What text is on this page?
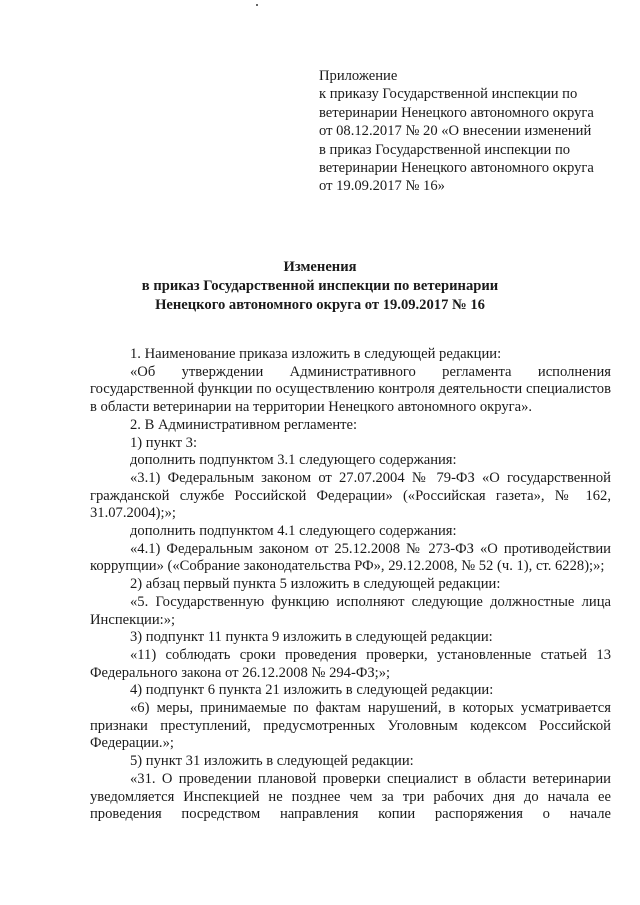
Приложение
к приказу Государственной инспекции по
ветеринарии Ненецкого автономного округа
от 08.12.2017 № 20 «О внесении изменений
в приказ Государственной инспекции по
ветеринарии Ненецкого автономного округа
от 19.09.2017 № 16»
Изменения
в приказ Государственной инспекции по ветеринарии
Ненецкого автономного округа от 19.09.2017 № 16

1. Наименование приказа изложить в следующей редакции:

«Об утверждении Административного регламента исполнения государственной функции по осуществлению контроля деятельности специалистов в области ветеринарии на территории Ненецкого автономного округа».

2. В Административном регламенте:

1) пункт 3:

дополнить подпунктом 3.1 следующего содержания:

«3.1) Федеральным законом от 27.07.2004 № 79-ФЗ «О государственной гражданской службе Российской Федерации» («Российская газета», № 162, 31.07.2004);»;

дополнить подпунктом 4.1 следующего содержания:

«4.1) Федеральным законом от 25.12.2008 № 273-ФЗ «О противодействии коррупции» («Собрание законодательства РФ», 29.12.2008, № 52 (ч. 1), ст. 6228);»;

2) абзац первый пункта 5 изложить в следующей редакции:

«5. Государственную функцию исполняют следующие должностные лица Инспекции:»;

3) подпункт 11 пункта 9 изложить в следующей редакции:

«11) соблюдать сроки проведения проверки, установленные статьей 13 Федерального закона от 26.12.2008 № 294-ФЗ;»;

4) подпункт 6 пункта 21 изложить в следующей редакции:

«6) меры, принимаемые по фактам нарушений, в которых усматривается признаки преступлений, предусмотренных Уголовным кодексом Российской Федерации.»;

5) пункт 31 изложить в следующей редакции:

«31. О проведении плановой проверки специалист в области ветеринарии уведомляется Инспекцией не позднее чем за три рабочих дня до начала ее проведения посредством направления копии распоряжения о начале
